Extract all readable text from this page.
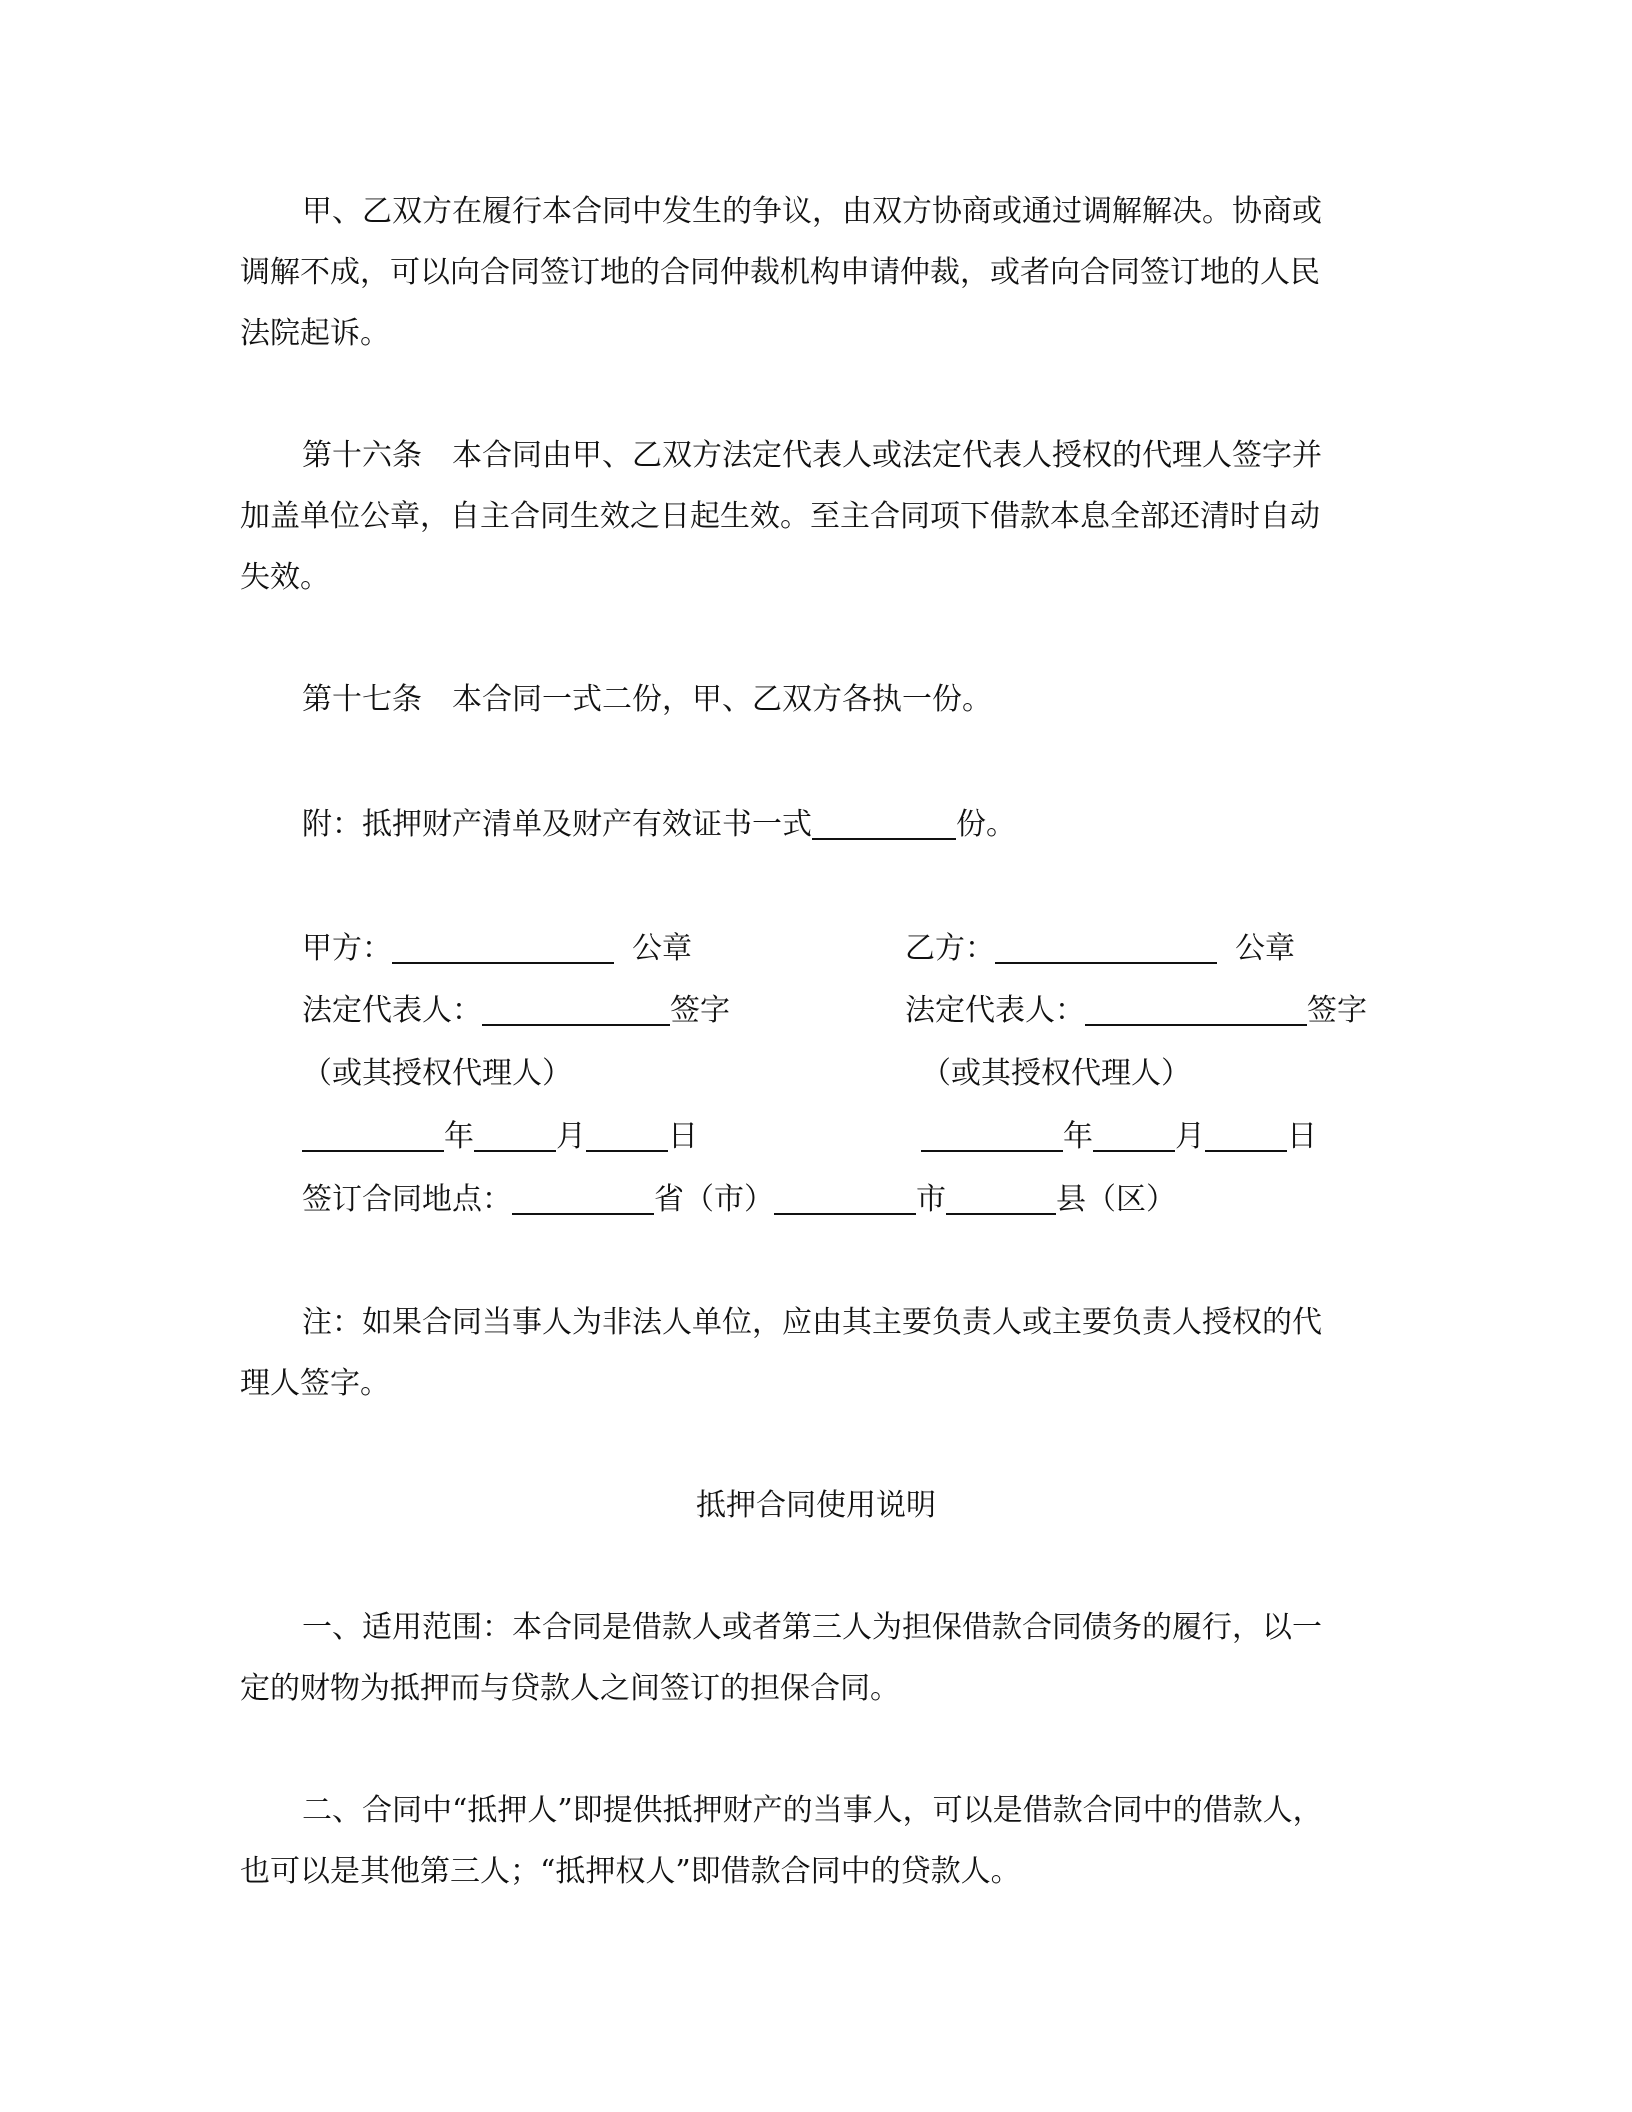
甲、乙双方在履行本合同中发生的争议，由双方协商或通过调解解决。协商或
调解不成，可以向合同签订地的合同仲裁机构申请仲裁，或者向合同签订地的人民
法院起诉。
第十六条　本合同由甲、乙双方法定代表人或法定代表人授权的代理人签字并
加盖单位公章，自主合同生效之日起生效。至主合同项下借款本息全部还清时自动
失效。
第十七条　本合同一式二份，甲、乙双方各执一份。
附：抵押财产清单及财产有效证书一式	份。
甲方：	公章
法定代表人：	签字
（或其授权代理人）
年	月	日
乙方：	公章
法定代表人：	签字
（或其授权代理人）
年	月	日
签订合同地点：	省（市）	市	县（区）
注：如果合同当事人为非法人单位，应由其主要负责人或主要负责人授权的代
理人签字。
抵押合同使用说明
一、适用范围：本合同是借款人或者第三人为担保借款合同债务的履行，以一
定的财物为抵押而与贷款人之间签订的担保合同。
二、合同中“抵押人”即提供抵押财产的当事人，可以是借款合同中的借款人，
也可以是其他第三人；“抵押权人”即借款合同中的贷款人。
